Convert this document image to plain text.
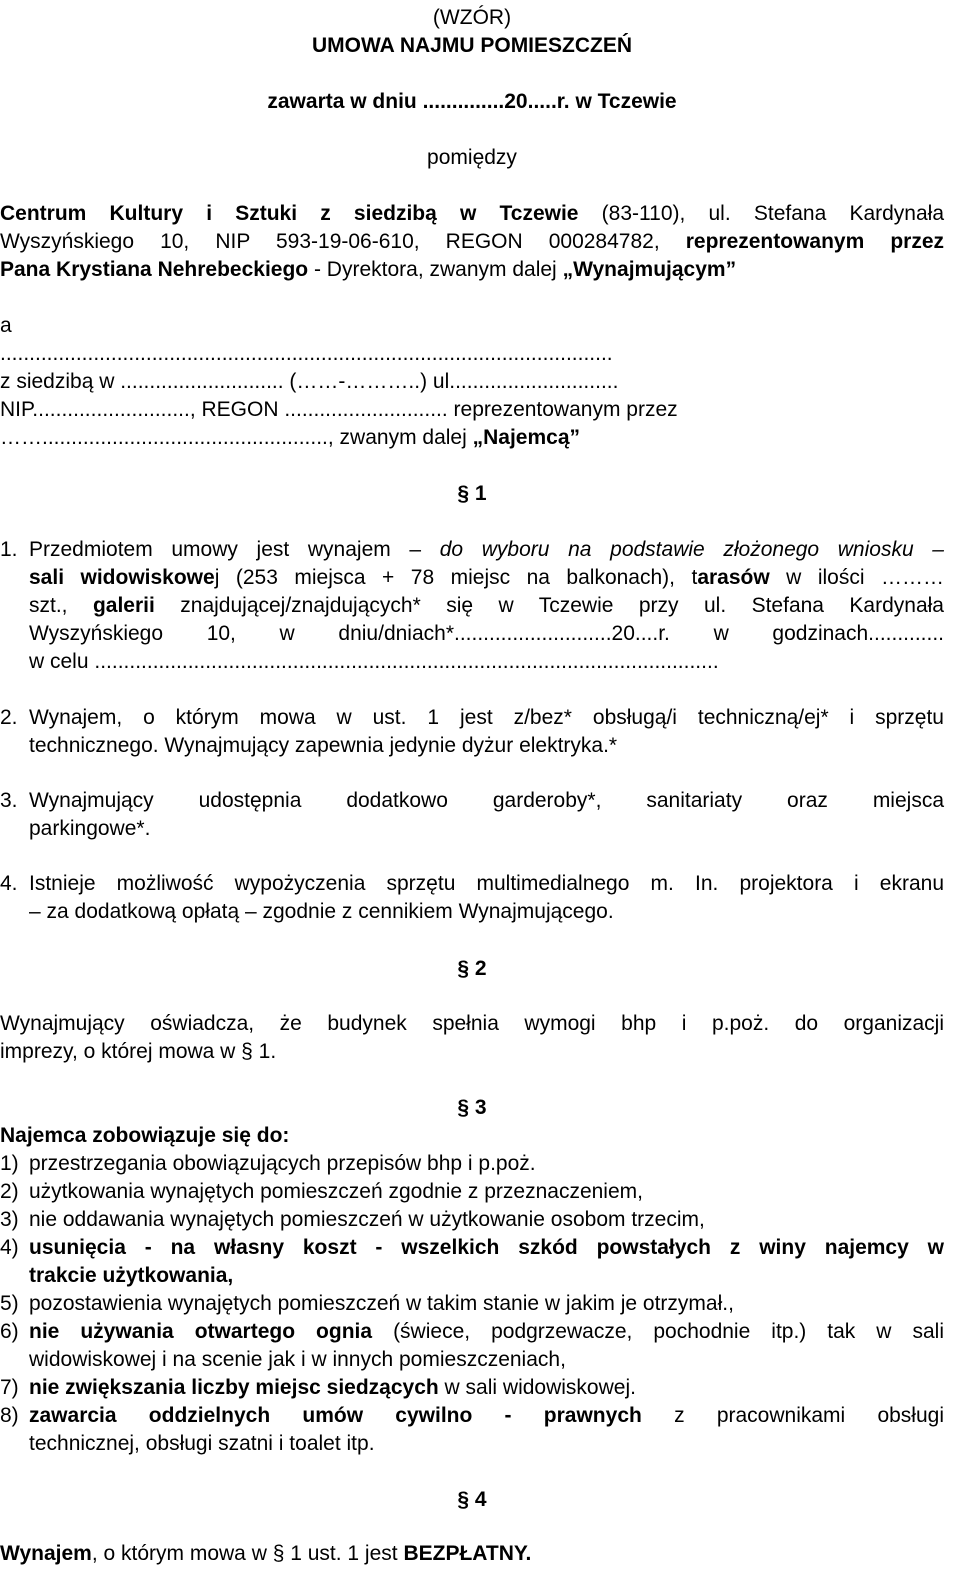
(WZÓR)
UMOWA NAJMU POMIESZCZEŃ
zawarta w dniu ..............20.....r. w Tczewie
pomiędzy
Centrum Kultury i Sztuki z siedzibą w Tczewie (83-110), ul. Stefana Kardynała
Wyszyńskiego 10, NIP 593-19-06-610, REGON 000284782, reprezentowanym przez
Pana Krystiana Nehrebeckiego - Dyrektora, zwanym dalej „Wynajmującym”
a
.........................................................................................................
z siedzibą w ............................ (……-………..) ul.............................
NIP..........................., REGON ............................ reprezentowanym przez
……................................................., zwanym dalej „Najemcą”
§ 1
1. Przedmiotem umowy jest wynajem – do wyboru na podstawie złożonego wniosku –
sali widowiskowej (253 miejsca + 78 miejsc na balkonach), tarasów w ilości ………
szt., galerii znajdującej/znajdujących* się w Tczewie przy ul. Stefana Kardynała
Wyszyńskiego 10, w dniu/dniach*...........................20....r. w godzinach.............
w celu ...........................................................................................................
2. Wynajem, o którym mowa w ust. 1 jest z/bez* obsługą/i techniczną/ej* i sprzętu
technicznego. Wynajmujący zapewnia jedynie dyżur elektryka.*
3. Wynajmujący udostępnia dodatkowo garderoby*, sanitariaty oraz miejsca
parkingowe*.
4. Istnieje możliwość wypożyczenia sprzętu multimedialnego m. In. projektora i ekranu
– za dodatkową opłatą – zgodnie z cennikiem Wynajmującego.
§ 2
Wynajmujący oświadcza, że budynek spełnia wymogi bhp i p.poż. do organizacji
imprezy, o której mowa w § 1.
§ 3
Najemca zobowiązuje się do:
1) przestrzegania obowiązujących przepisów bhp i p.poż.
2) użytkowania wynajętych pomieszczeń zgodnie z przeznaczeniem,
3) nie oddawania wynajętych pomieszczeń w użytkowanie osobom trzecim,
4) usunięcia - na własny koszt - wszelkich szkód powstałych z winy najemcy w
trakcie użytkowania,
5) pozostawienia wynajętych pomieszczeń w takim stanie w jakim je otrzymał.,
6) nie używania otwartego ognia (świece, podgrzewacze, pochodnie itp.) tak w sali
widowiskowej i na scenie jak i w innych pomieszczeniach,
7) nie zwiększania liczby miejsc siedzących w sali widowiskowej.
8) zawarcia oddzielnych umów cywilno - prawnych z pracownikami obsługi
technicznej, obsługi szatni i toalet itp.
§ 4
Wynajem, o którym mowa w § 1 ust. 1 jest BEZPŁATNY.
